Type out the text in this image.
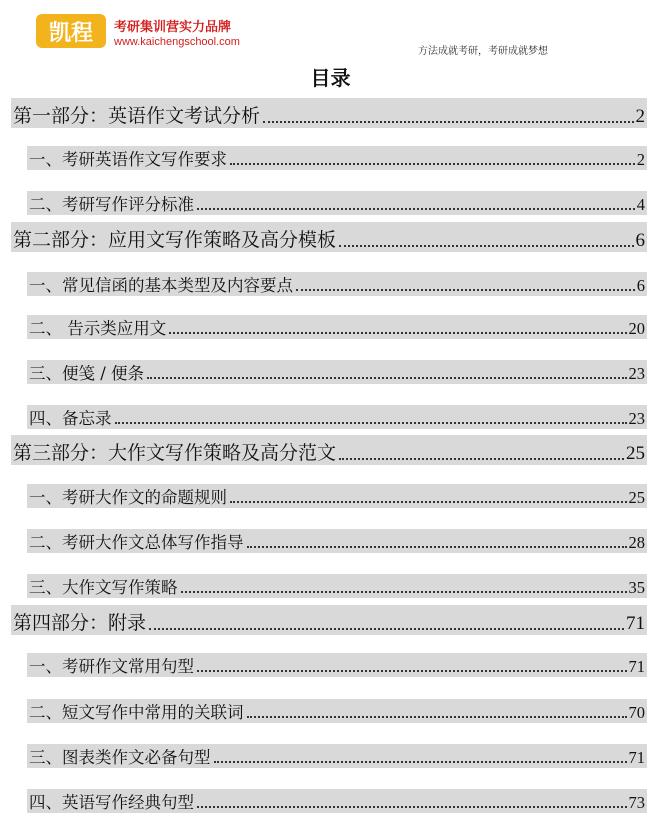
凯程 考研集训营实力品牌
www.kaichengschool.com
方法成就考研，考研成就梦想
目录
第一部分：英语作文考试分析	2
一、考研英语作文写作要求	2
二、考研写作评分标准	4
第二部分：应用文写作策略及高分模板	6
一、常见信函的基本类型及内容要点	6
二、 告示类应用文	20
三、便笺 / 便条	23
四、备忘录	23
第三部分：大作文写作策略及高分范文	25
一、考研大作文的命题规则	25
二、考研大作文总体写作指导	28
三、大作文写作策略	35
第四部分：附录	71
一、考研作文常用句型	71
二、短文写作中常用的关联词	70
三、图表类作文必备句型	71
四、英语写作经典句型	73
